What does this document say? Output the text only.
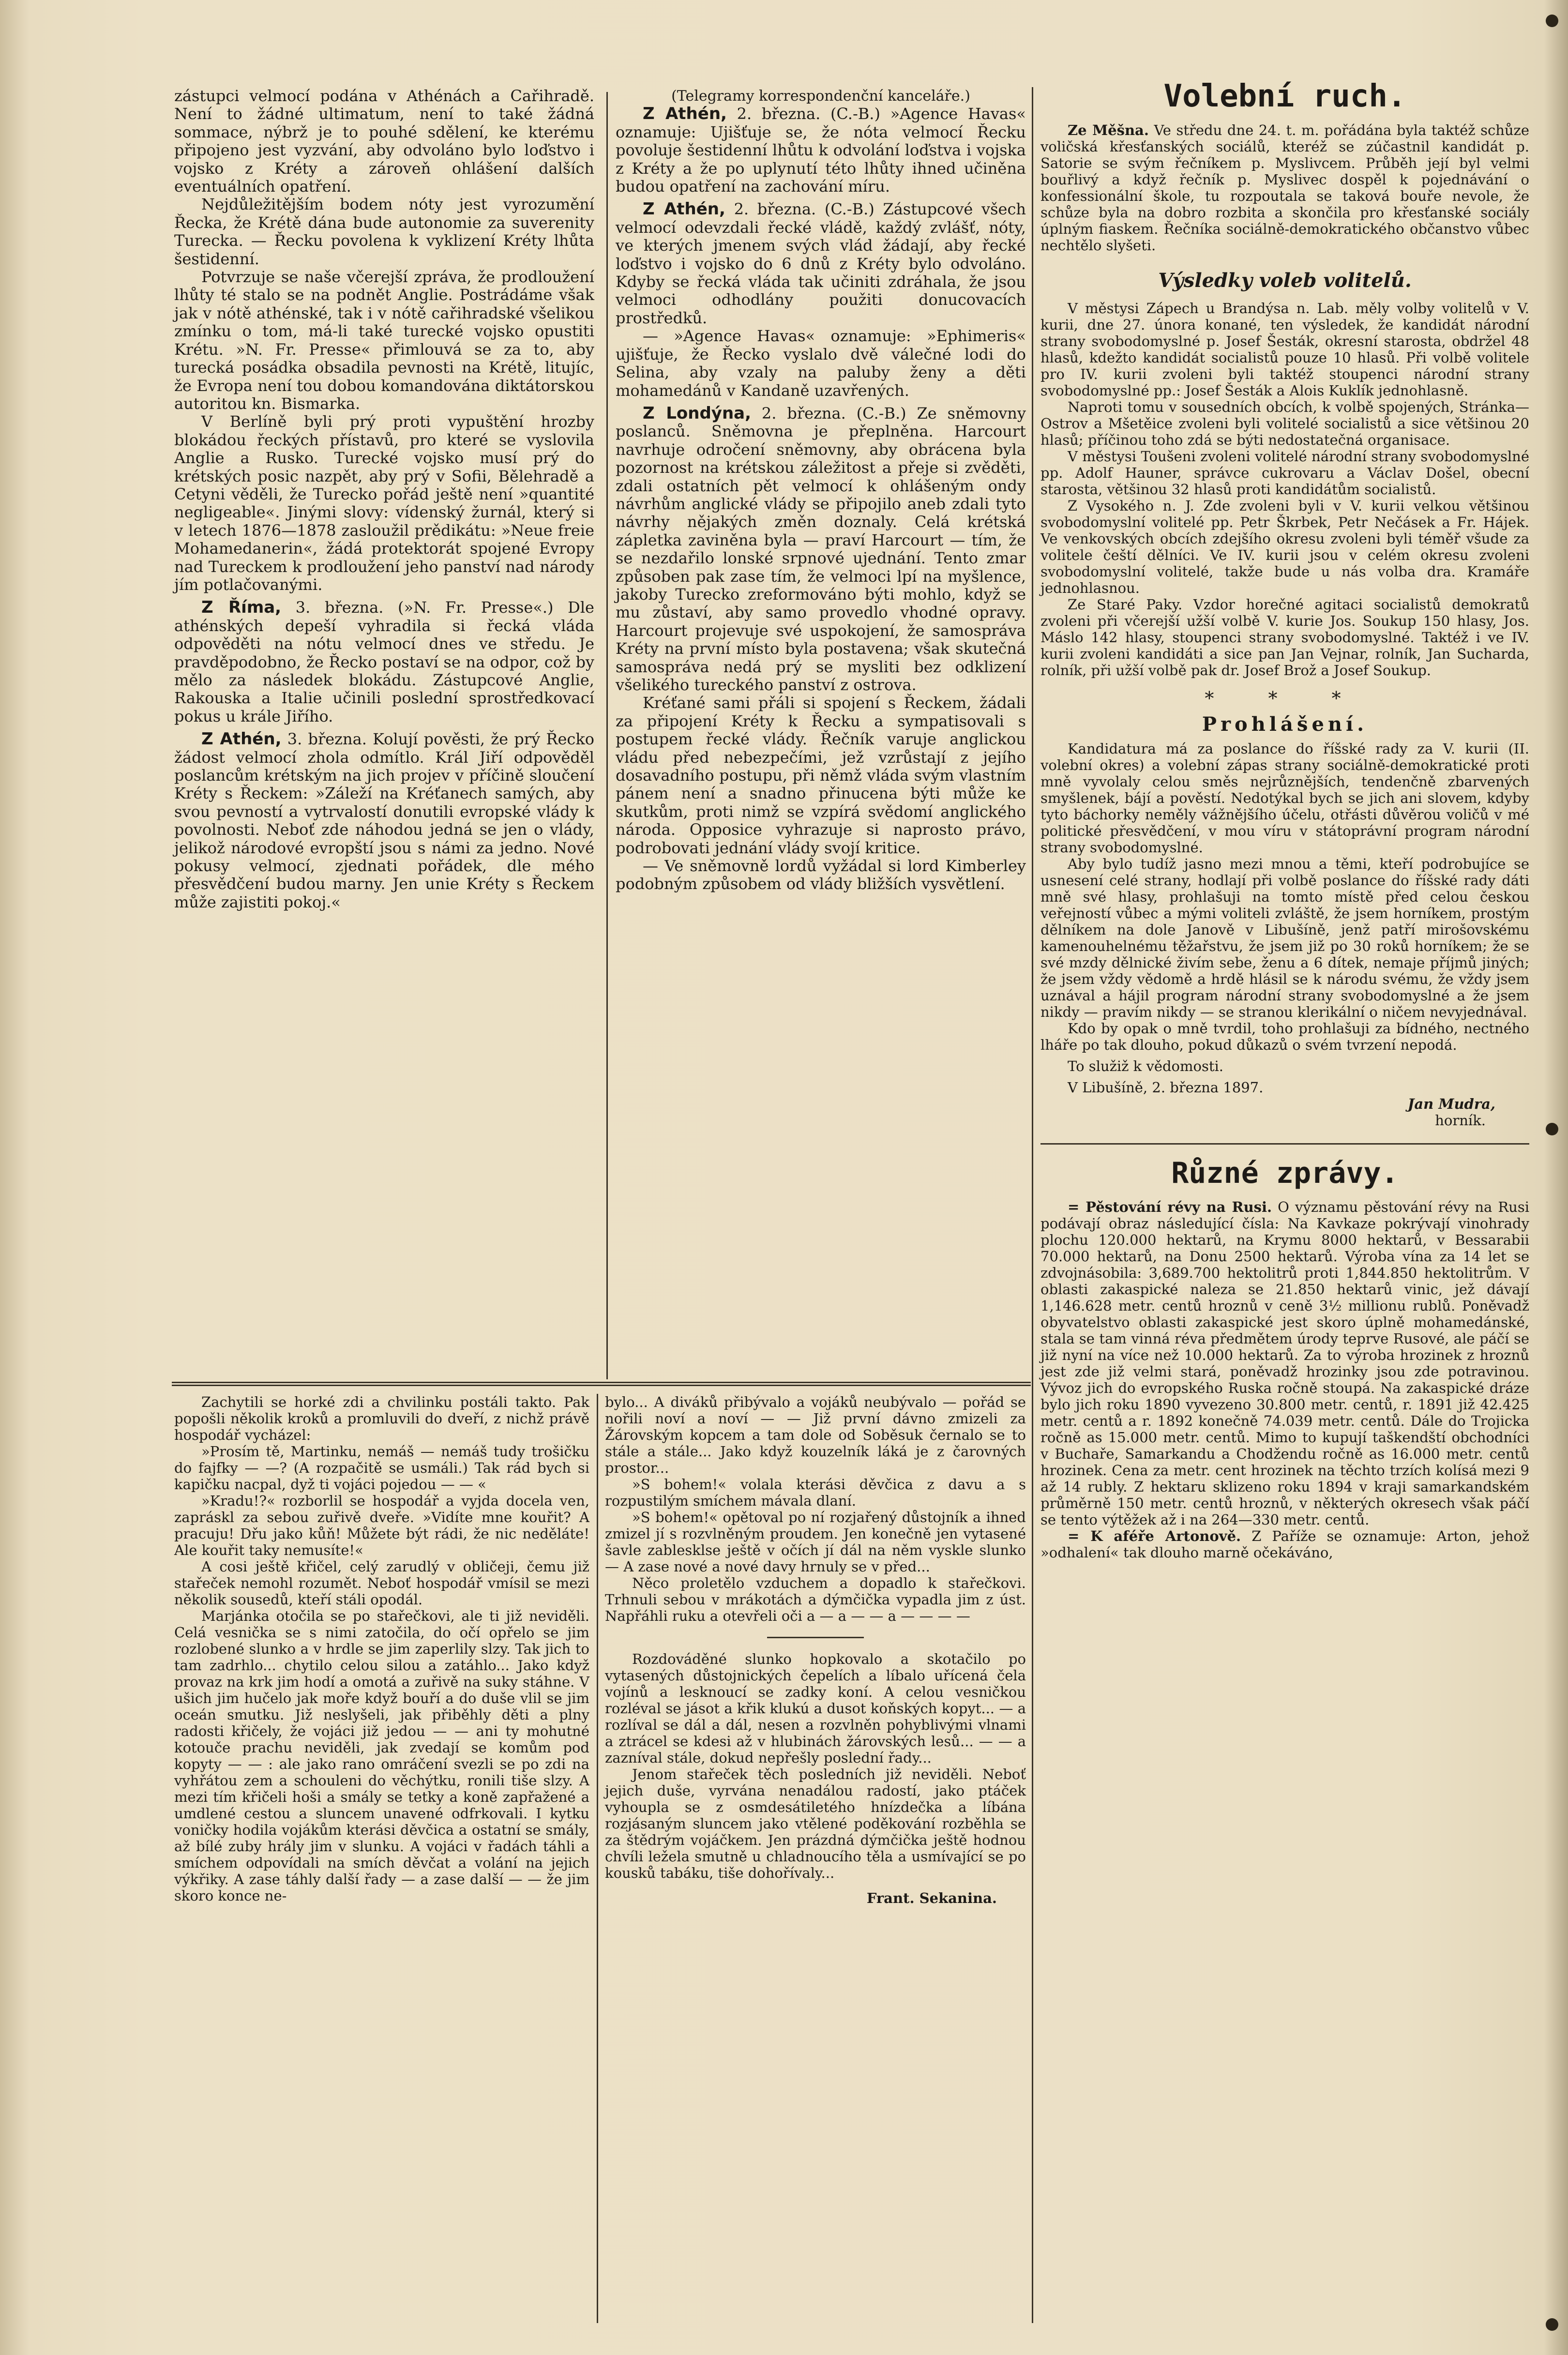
zástupci velmocí podána v Athénách a Cařihradě. Není to žádné ultimatum, není to také žádná sommace, nýbrž je to pouhé sdělení, ke kterému připojeno jest vyzvání, aby odvoláno bylo loďstvo i vojsko z Kréty a zároveň ohlášení dalších eventuálních opatření.

Nejdůležitějším bodem nóty jest vyrozumění Řecka, že Krétě dána bude autonomie za suverenity Turecka. — Řecku povolena k vyklizení Kréty lhůta šestidenní.

Potvrzuje se naše včerejší zpráva, že prodloužení lhůty té stalo se na podnět Anglie. Postrádáme však jak v nótě athénské, tak i v nótě cařihradské všelikou zmínku o tom, má-li také turecké vojsko opustiti Krétu. »N. Fr. Presse« přimlouvá se za to, aby turecká posádka obsadila pevnosti na Krétě, litujíc, že Evropa není tou dobou komandována diktátorskou autoritou kn. Bismarka.

V Berlíně byli prý proti vypuštění hrozby blokádou řeckých přístavů, pro které se vyslovila Anglie a Rusko. Turecké vojsko musí prý do krétských posic nazpět, aby prý v Sofii, Bělehradě a Cetyni věděli, že Turecko pořád ještě není »quantité negligeable«. Jinými slovy: vídenský žurnál, který si v letech 1876—1878 zasloužil prědikátu: »Neue freie Mohamedanerin«, žádá protektorát spojené Evropy nad Tureckem k prodloužení jeho panství nad národy jím potlačovanými.

Z Říma, 3. března. (»N. Fr. Presse«.) Dle athénských depeší vyhradila si řecká vláda odpověděti na nótu velmocí dnes ve středu. Je pravděpodobno, že Řecko postaví se na odpor, což by mělo za následek blokádu. Zástupcové Anglie, Rakouska a Italie učinili poslední sprostředkovací pokus u krále Jiřího.

Z Athén, 3. března. Kolují pověsti, že prý Řecko žádost velmocí zhola odmítlo. Král Jiří odpověděl poslancům krétským na jich projev v příčině sloučení Kréty s Řeckem: »Záleží na Kréťanech samých, aby svou pevností a vytrvalostí donutili evropské vlády k povolnosti. Neboť zde náhodou jedná se jen o vlády, jelikož národové evropští jsou s námi za jedno. Nové pokusy velmocí, zjednati pořádek, dle mého přesvědčení budou marny. Jen unie Kréty s Řeckem může zajistiti pokoj.«

(Telegramy korrespondenční kanceláře.)

Z Athén, 2. března. (C.-B.) »Agence Havas« oznamuje: Ujišťuje se, že nóta velmocí Řecku povoluje šestidenní lhůtu k odvolání loďstva i vojska z Kréty a že po uplynutí této lhůty ihned učiněna budou opatření na zachování míru.

Z Athén, 2. března. (C.-B.) Zástupcové všech velmocí odevzdali řecké vládě, každý zvlášť, nóty, ve kterých jmenem svých vlád žádají, aby řecké loďstvo i vojsko do 6 dnů z Kréty bylo odvoláno. Kdyby se řecká vláda tak učiniti zdráhala, že jsou velmoci odhodlány použiti donucovacích prostředků.

— »Agence Havas« oznamuje: »Ephimeris« ujišťuje, že Řecko vyslalo dvě válečné lodi do Selina, aby vzaly na paluby ženy a děti mohamedánů v Kandaně uzavřených.

Z Londýna, 2. března. (C.-B.) Ze sněmovny poslanců. Sněmovna je přeplněna. Harcourt navrhuje odročení sněmovny, aby obrácena byla pozornost na krétskou záležitost a přeje si zvěděti, zdali ostatních pět velmocí k ohlášeným ondy návrhům anglické vlády se připojilo aneb zdali tyto návrhy nějakých změn doznaly. Celá krétská zápletka zaviněna byla — praví Harcourt — tím, že se nezdařilo lonské srpnové ujednání. Tento zmar způsoben pak zase tím, že velmoci lpí na myšlence, jakoby Turecko zreformováno býti mohlo, když se mu zůstaví, aby samo provedlo vhodné opravy. Harcourt projevuje své uspokojení, že samospráva Kréty na první místo byla postavena; však skutečná samospráva nedá prý se mysliti bez odklizení všelikého tureckého panství z ostrova.

Kréťané sami přáli si spojení s Řeckem, žádali za připojení Kréty k Řecku a sympatisovali s postupem řecké vlády. Řečník varuje anglickou vládu před nebezpečími, jež vzrůstají z jejího dosavadního postupu, při němž vláda svým vlastním pánem není a snadno přinucena býti může ke skutkům, proti nimž se vzpírá svědomí anglického národa. Opposice vyhrazuje si naprosto právo, podrobovati jednání vlády svojí kritice.

— Ve sněmovně lordů vyžádal si lord Kimberley podobným způsobem od vlády bližších vysvětlení.

Volební ruch.

Ze Měšna. Ve středu dne 24. t. m. pořádána byla taktéž schůze voličská křesťanských sociálů, kteréž se zúčastnil kandidát p. Satorie se svým řečníkem p. Myslivcem. Průběh její byl velmi bouřlivý a když řečník p. Myslivec dospěl k pojednávání o konfessionální škole, tu rozpoutala se taková bouře nevole, že schůze byla na dobro rozbita a skončila pro křesťanské sociály úplným fiaskem. Řečníka sociálně-demokratického občanstvo vůbec nechtělo slyšeti.

Výsledky voleb volitelů.

V městysi Zápech u Brandýsa n. Lab. měly volby volitelů v V. kurii, dne 27. února konané, ten výsledek, že kandidát národní strany svobodomyslné p. Josef Šesták, okresní starosta, obdržel 48 hlasů, kdežto kandidát socialistů pouze 10 hlasů. Při volbě volitele pro IV. kurii zvoleni byli taktéž stoupenci národní strany svobodomyslné pp.: Josef Šesták a Alois Kuklík jednohlasně.

Naproti tomu v sousedních obcích, k volbě spojených, Stránka—Ostrov a Mšetěice zvoleni byli volitelé socialistů a sice většinou 20 hlasů; příčinou toho zdá se býti nedostatečná organisace.

V městysi Toušeni zvoleni volitelé národní strany svobodomyslné pp. Adolf Hauner, správce cukrovaru a Václav Došel, obecní starosta, většinou 32 hlasů proti kandidátům socialistů.

Z Vysokého n. J. Zde zvoleni byli v V. kurii velkou většinou svobodomyslní volitelé pp. Petr Škrbek, Petr Nečásek a Fr. Hájek. Ve venkovských obcích zdejšího okresu zvoleni byli téměř všude za volitele čeští dělníci. Ve IV. kurii jsou v celém okresu zvoleni svobodomyslní volitelé, takže bude u nás volba dra. Kramáře jednohlasnou.

Ze Staré Paky. Vzdor horečné agitaci socialistů demokratů zvoleni při včerejší užší volbě V. kurie Jos. Soukup 150 hlasy, Jos. Máslo 142 hlasy, stoupenci strany svobodomyslné. Taktéž i ve IV. kurii zvoleni kandidáti a sice pan Jan Vejnar, rolník, Jan Sucharda, rolník, při užší volbě pak dr. Josef Brož a Josef Soukup.

* * *
Prohlášení.

Kandidatura má za poslance do říšské rady za V. kurii (II. volební okres) a volební zápas strany sociálně-demokratické proti mně vyvolaly celou směs nejrůznějších, tendenčně zbarvených smyšlenek, bájí a pověstí. Nedotýkal bych se jich ani slovem, kdyby tyto báchorky neměly vážnějšího účelu, otřásti důvěrou voličů v mé politické přesvědčení, v mou víru v státoprávní program národní strany svobodomyslné.

Aby bylo tudíž jasno mezi mnou a těmi, kteří podrobujíce se usnesení celé strany, hodlají při volbě poslance do říšské rady dáti mně své hlasy, prohlašuji na tomto místě před celou českou veřejností vůbec a mými voliteli zvláště, že jsem horníkem, prostým dělníkem na dole Janově v Libušíně, jenž patří mirošovskému kamenouhelnému těžařstvu, že jsem již po 30 roků horníkem; že se své mzdy dělnické živím sebe, ženu a 6 dítek, nemaje příjmů jiných; že jsem vždy vědomě a hrdě hlásil se k národu svému, že vždy jsem uznával a hájil program národní strany svobodomyslné a že jsem nikdy — pravím nikdy — se stranou klerikální o ničem nevyjednával.

Kdo by opak o mně tvrdil, toho prohlašuji za bídného, nectného lháře po tak dlouho, pokud důkazů o svém tvrzení nepodá.

To služiž k vědomosti.

V Libušíně, 2. března 1897.

Jan Mudra,

horník.

Různé zprávy.

= Pěstování révy na Rusi. O významu pěstování révy na Rusi podávají obraz následující čísla: Na Kavkaze pokrývají vinohrady plochu 120.000 hektarů, na Krymu 8000 hektarů, v Bessarabii 70.000 hektarů, na Donu 2500 hektarů. Výroba vína za 14 let se zdvojnásobila: 3,689.700 hektolitrů proti 1,844.850 hektolitrům. V oblasti zakaspické naleza se 21.850 hektarů vinic, jež dávají 1,146.628 metr. centů hroznů v ceně 3½ millionu rublů. Poněvadž obyvatelstvo oblasti zakaspické jest skoro úplně mohamedánské, stala se tam vinná réva předmětem úrody teprve Rusové, ale páčí se již nyní na více než 10.000 hektarů. Za to výroba hrozinek z hroznů jest zde již velmi stará, poněvadž hrozinky jsou zde potravinou. Vývoz jich do evropského Ruska ročně stoupá. Na zakaspické dráze bylo jich roku 1890 vyvezeno 30.800 metr. centů, r. 1891 již 42.425 metr. centů a r. 1892 konečně 74.039 metr. centů. Dále do Trojicka ročně as 15.000 metr. centů. Mimo to kupují taškendští obchodníci v Buchaře, Samarkandu a Chodžendu ročně as 16.000 metr. centů hrozinek. Cena za metr. cent hrozinek na těchto trzích kolísá mezi 9 až 14 rubly. Z hektaru sklizeno roku 1894 v kraji samarkandském průměrně 150 metr. centů hroznů, v některých okresech však páčí se tento výtěžek až i na 264—330 metr. centů.

= K aféře Artonově. Z Paříže se oznamuje: Arton, jehož »odhalení« tak dlouho marně očekáváno,

Zachytili se horké zdi a chvilinku postáli takto. Pak popošli několik kroků a promluvili do dveří, z nichž právě hospodář vycházel:

»Prosím tě, Martinku, nemáš — nemáš tudy trošičku do fajfky — —? (A rozpačitě se usmáli.) Tak rád bych si kapičku nacpal, dyž ti vojáci pojedou — — «

»Kradu!?« rozborlil se hospodář a vyjda docela ven, zapráskl za sebou zuřivě dveře. »Vidíte mne kouřit? A pracuju! Dřu jako kůň! Můžete být rádi, že nic neděláte! Ale kouřit taky nemusíte!«

A cosi ještě křičel, celý zarudlý v obličeji, čemu již stařeček nemohl rozumět. Neboť hospodář vmísil se mezi několik sousedů, kteří stáli opodál.

Marjánka otočila se po stařečkovi, ale ti již neviděli. Celá vesnička se s nimi zatočila, do očí opřelo se jim rozlobené slunko a v hrdle se jim zaperlily slzy. Tak jich to tam zadrhlo... chytilo celou silou a zatáhlo... Jako když provaz na krk jim hodí a omotá a zuřivě na suky stáhne. V ušich jim hučelo jak moře když bouří a do duše vlil se jim oceán smutku. Již neslyšeli, jak přiběhly děti a plny radosti křičely, že vojáci již jedou — — ani ty mohutné kotouče prachu neviděli, jak zvedají se komům pod kopyty — — : ale jako rano omráčení svezli se po zdi na vyhřátou zem a schouleni do věchýtku, ronili tiše slzy. A mezi tím křičeli hoši a smály se tetky a koně zapřažené a umdlené cestou a sluncem unavené odfrkovali. I kytku voničky hodila vojákům kterási děvčica a ostatní se smály, až bílé zuby hrály jim v slunku. A vojáci v řadách táhli a smíchem odpovídali na smích děvčat a volání na jejich výkřiky. A zase táhly další řady — a zase další — — že jim skoro konce ne-

bylo... A diváků přibývalo a vojáků neubývalo — pořád se nořili noví a noví — — Již první dávno zmizeli za Žárovským kopcem a tam dole od Soběsuk černalo se to stále a stále... Jako když kouzelník láká je z čarovných prostor...

»S bohem!« volala kterási děvčica z davu a s rozpustilým smíchem mávala dlaní.

»S bohem!« opětoval po ní rozjařený důstojník a ihned zmizel jí s rozvlněným proudem. Jen konečně jen vytasené šavle zablesklse ještě v očích jí dál na něm vyskle slunko — A zase nové a nové davy hrnuly se v před...

Něco proletělo vzduchem a dopadlo k stařečkovi. Trhnuli sebou v mrákotách a dýmčička vypadla jim z úst. Napřáhli ruku a otevřeli oči a — a — — a — — — —

Rozdováděné slunko hopkovalo a skotačilo po vytasených důstojnických čepelích a líbalo uřícená čela vojínů a lesknoucí se zadky koní. A celou vesničkou rozléval se jásot a křik klukú a dusot koňských kopyt... — a rozlíval se dál a dál, nesen a rozvlněn pohyblivými vlnami a ztrácel se kdesi až v hlubinách žárovských lesů... — — a zazníval stále, dokud nepřešly poslední řady...

Jenom stařeček těch posledních již neviděli. Neboť jejich duše, vyrvána nenadálou radostí, jako ptáček vyhoupla se z osmdesátiletého hnízdečka a líbána rozjásaným sluncem jako vtělené poděkování rozběhla se za štědrým vojáčkem. Jen prázdná dýmčička ještě hodnou chvíli ležela smutně u chladnoucího těla a usmívající se po kousků tabáku, tiše dohořívaly...

Frant. Sekanina.
